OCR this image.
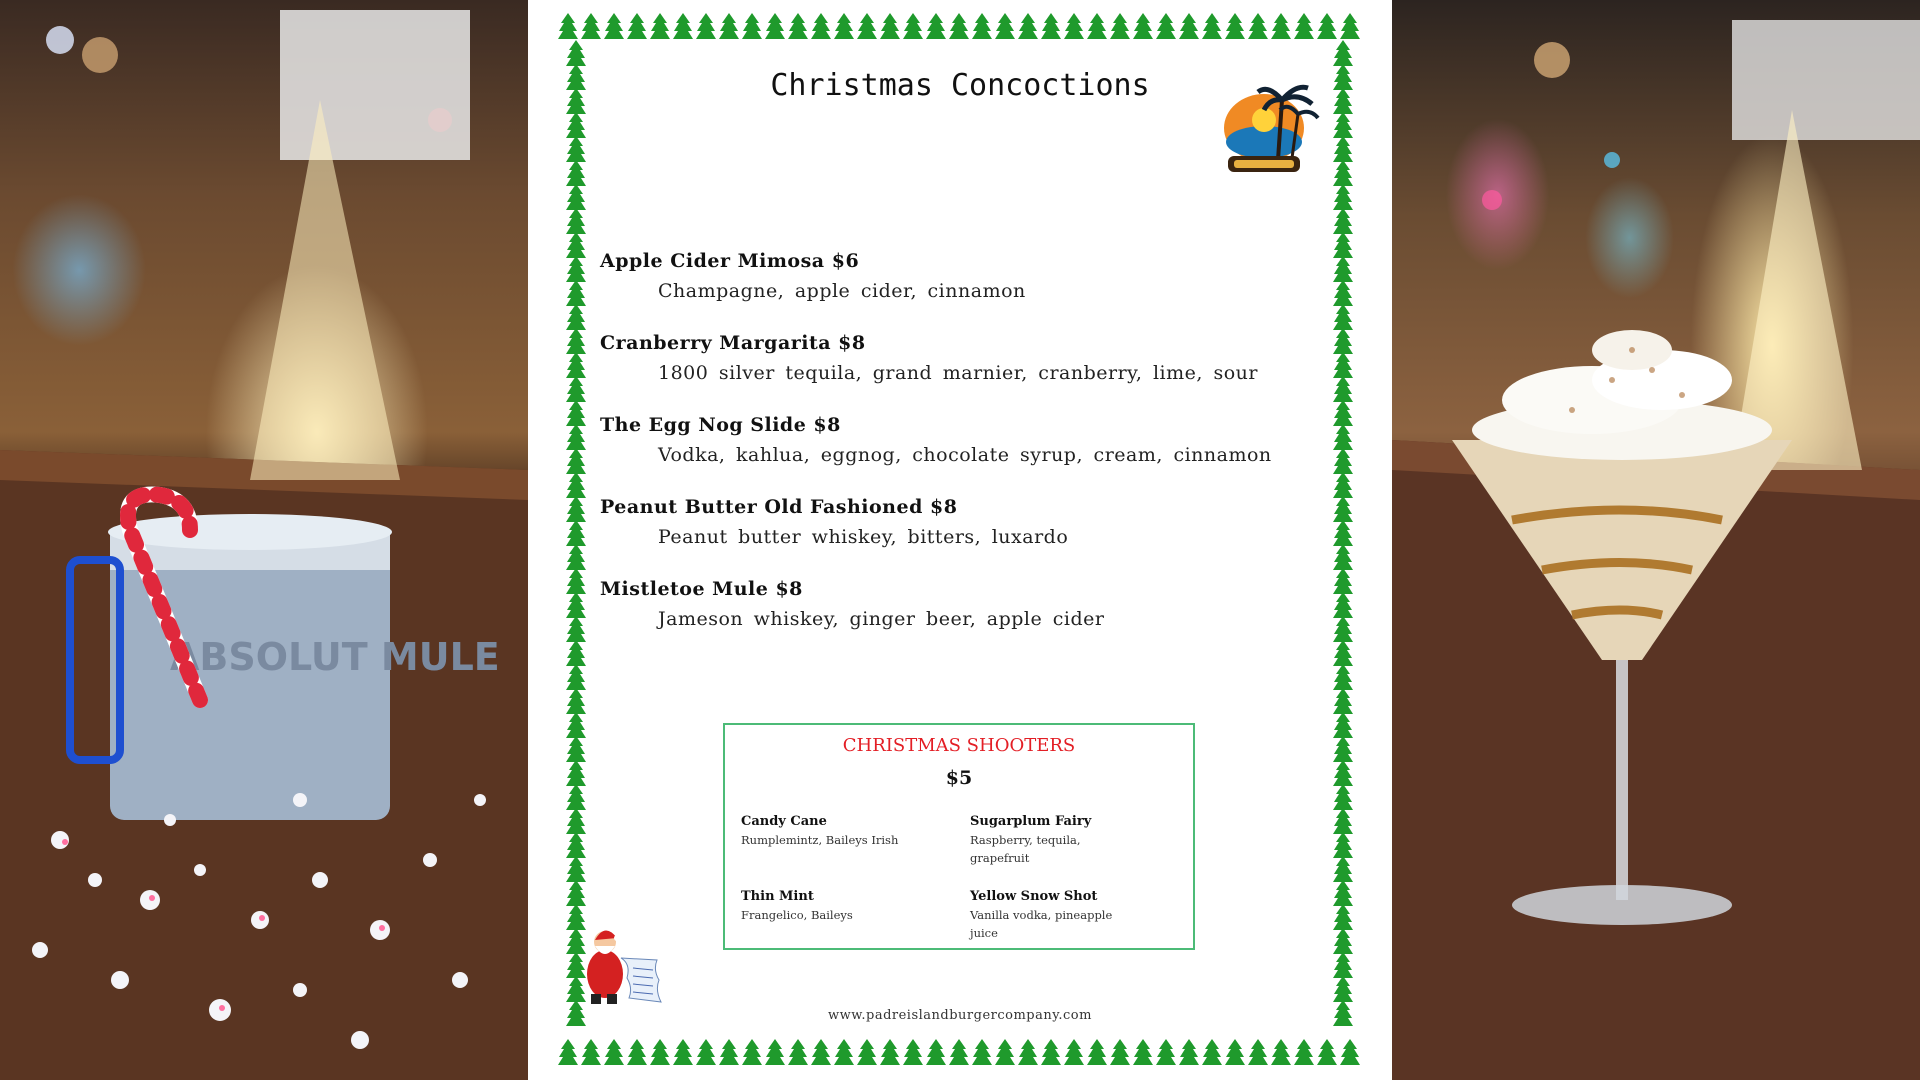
ABSOLUT MULE
Christmas Concoctions
Apple Cider Mimosa $6
Champagne, apple cider, cinnamon
Cranberry Margarita $8
1800 silver tequila, grand marnier, cranberry, lime, sour
The Egg Nog Slide $8
Vodka, kahlua, eggnog, chocolate syrup, cream, cinnamon
Peanut Butter Old Fashioned $8
Peanut butter whiskey, bitters, luxardo
Mistletoe Mule $8
Jameson whiskey, ginger beer, apple cider
CHRISTMAS SHOOTERS
$5
Candy Cane
Rumplemintz, Baileys Irish
Sugarplum Fairy
Raspberry, tequila, grapefruit
Thin Mint
Frangelico, Baileys
Yellow Snow Shot
Vanilla vodka, pineapple juice
www.padreislandburgercompany.com
